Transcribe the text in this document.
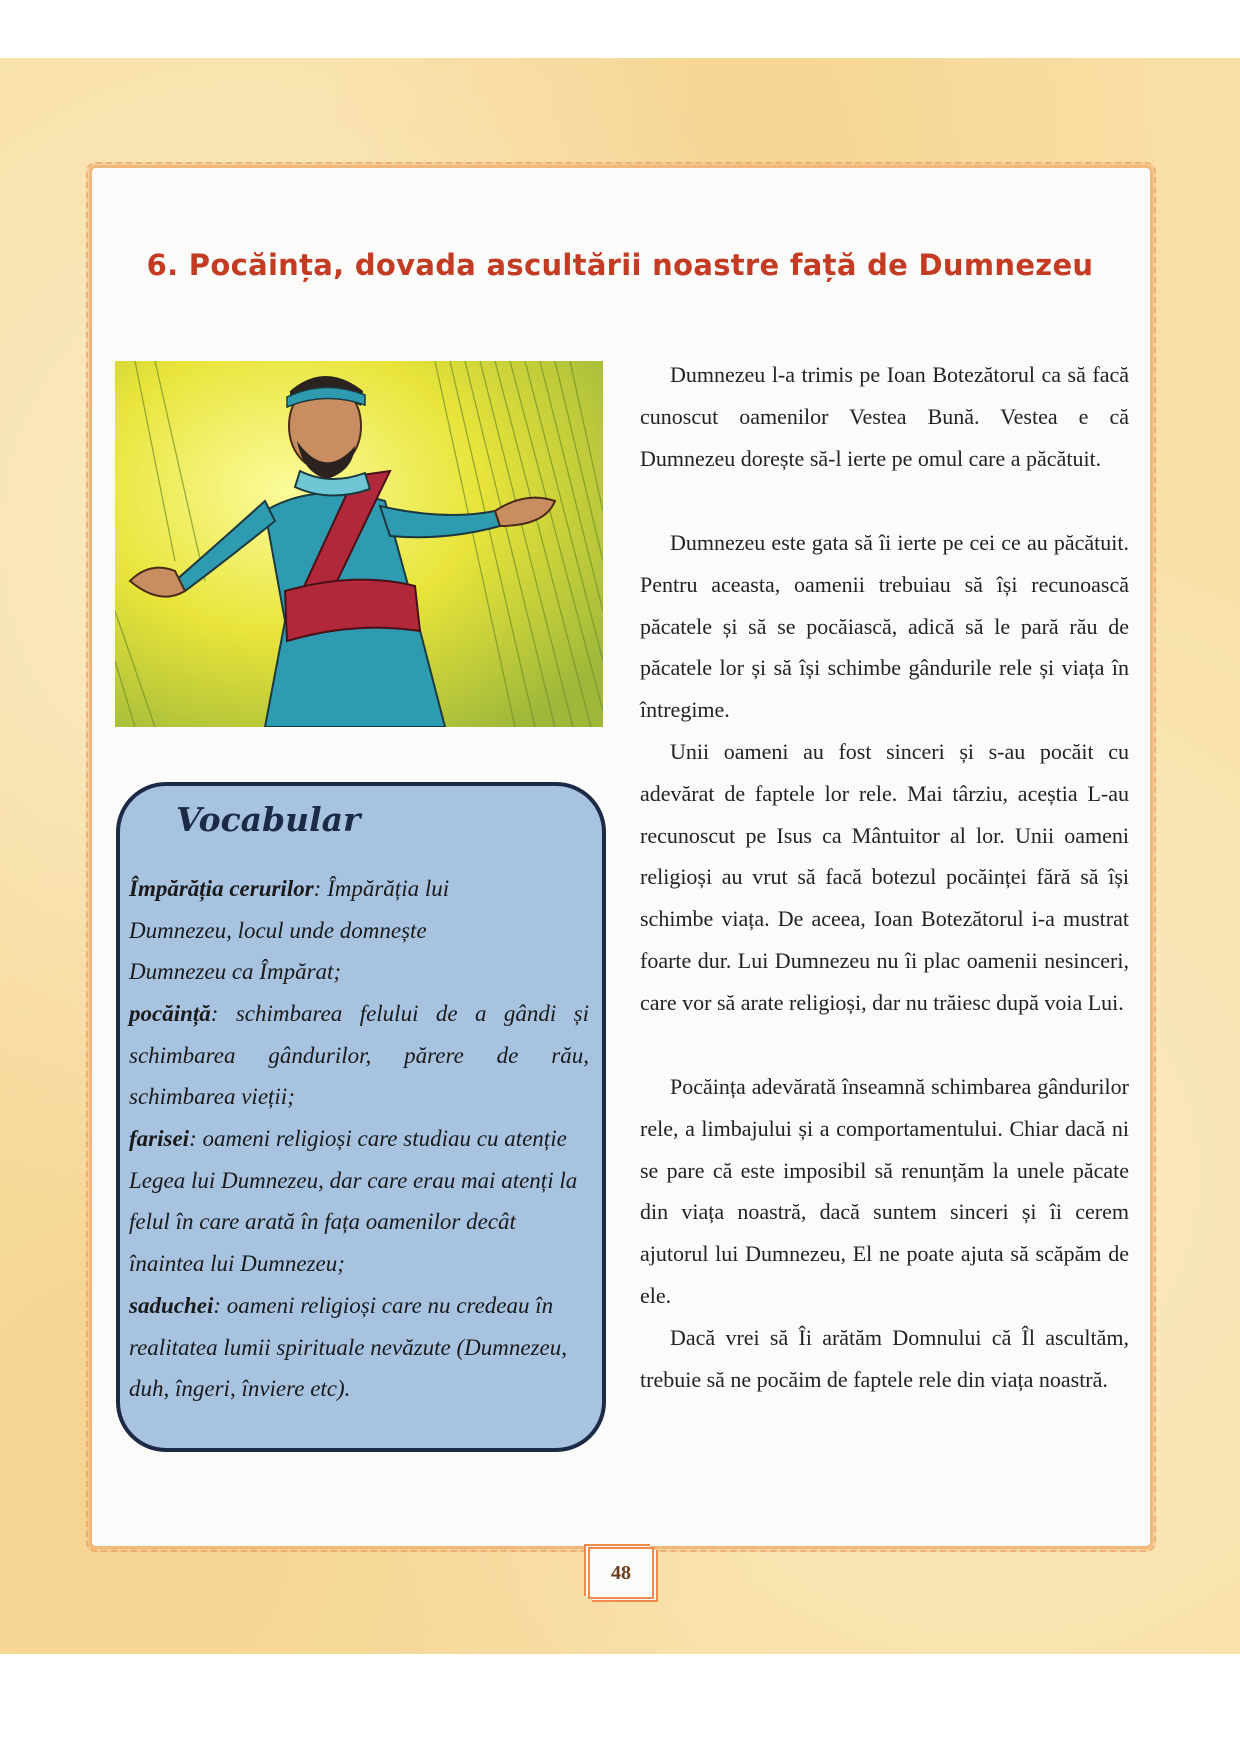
6. Pocăința, dovada ascultării noastre față de Dumnezeu
Vocabular
Împărăția cerurilor: Împărăția lui Dumnezeu, locul unde domnește Dumnezeu ca Împărat;
pocăință: schimbarea felului de a gândi și schimbarea gândurilor, părere de rău, schimbarea vieții;
farisei: oameni religioși care studiau cu atenție Legea lui Dumnezeu, dar care erau mai atenți la felul în care arată în fața oamenilor decât înaintea lui Dumnezeu;
saduchei: oameni religioși care nu credeau în realitatea lumii spirituale nevăzute (Dumnezeu, duh, îngeri, înviere etc).

Dumnezeu l-a trimis pe Ioan Botezătorul ca să facă cunoscut oamenilor Vestea Bună. Vestea e că Dumnezeu dorește să-l ierte pe omul care a păcătuit.

Dumnezeu este gata să îi ierte pe cei ce au păcătuit. Pentru aceasta, oamenii trebuiau să își recunoască păcatele și să se pocăiască, adică să le pară rău de păcatele lor și să își schimbe gândurile rele și viața în întregime.

Unii oameni au fost sinceri și s-au pocăit cu adevărat de faptele lor rele. Mai târziu, aceștia L-au recunoscut pe Isus ca Mântuitor al lor. Unii oameni religioși au vrut să facă botezul pocăinței fără să își schimbe viața. De aceea, Ioan Botezătorul i-a mustrat foarte dur. Lui Dumnezeu nu îi plac oamenii nesinceri, care vor să arate religioși, dar nu trăiesc după voia Lui.

Pocăința adevărată înseamnă schimbarea gândurilor rele, a limbajului și a comportamentului. Chiar dacă ni se pare că este imposibil să renunțăm la unele păcate din viața noastră, dacă suntem sinceri și îi cerem ajutorul lui Dumnezeu, El ne poate ajuta să scăpăm de ele.

Dacă vrei să Îi arătăm Domnului că Îl ascultăm, trebuie să ne pocăim de faptele rele din viața noastră.

48
